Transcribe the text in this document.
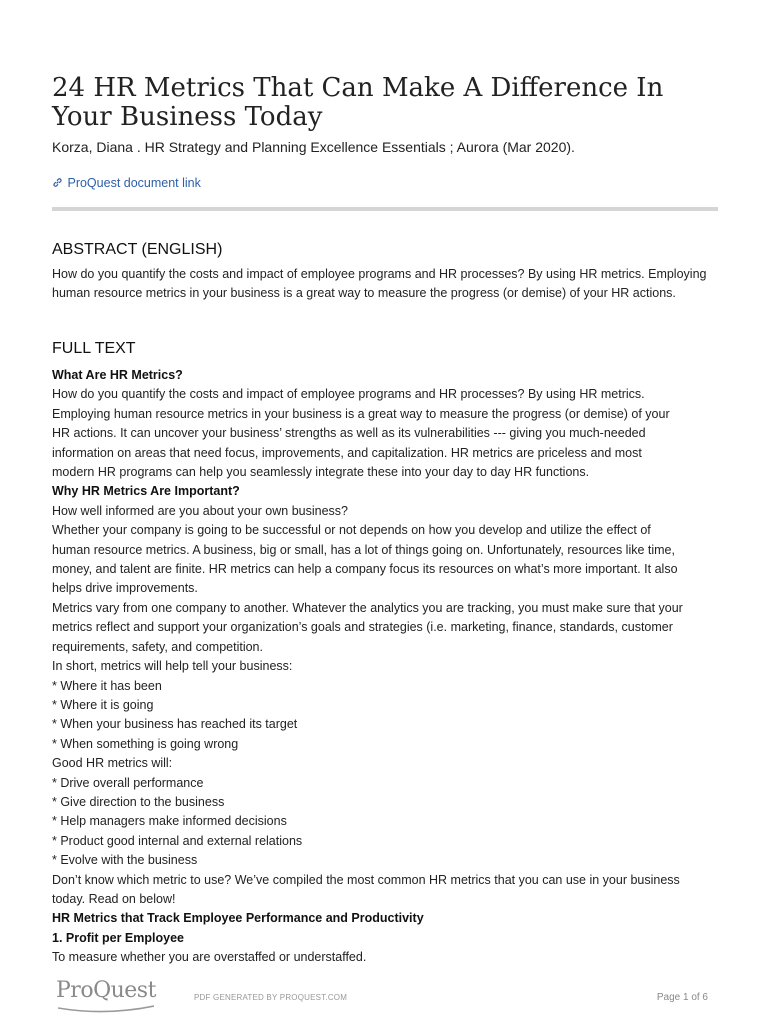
24 HR Metrics That Can Make A Difference In Your Business Today
Korza, Diana . HR Strategy and Planning Excellence Essentials ; Aurora (Mar 2020).
ProQuest document link
ABSTRACT (ENGLISH)
How do you quantify the costs and impact of employee programs and HR processes? By using HR metrics. Employing human resource metrics in your business is a great way to measure the progress (or demise) of your HR actions.
FULL TEXT
What Are HR Metrics?
How do you quantify the costs and impact of employee programs and HR processes? By using HR metrics.
Employing human resource metrics in your business is a great way to measure the progress (or demise) of your
HR actions. It can uncover your business’ strengths as well as its vulnerabilities --- giving you much-needed
information on areas that need focus, improvements, and capitalization. HR metrics are priceless and most
modern HR programs can help you seamlessly integrate these into your day to day HR functions.
Why HR Metrics Are Important?
How well informed are you about your own business?
Whether your company is going to be successful or not depends on how you develop and utilize the effect of
human resource metrics. A business, big or small, has a lot of things going on. Unfortunately, resources like time,
money, and talent are finite. HR metrics can help a company focus its resources on what’s more important. It also
helps drive improvements.
Metrics vary from one company to another. Whatever the analytics you are tracking, you must make sure that your
metrics reflect and support your organization’s goals and strategies (i.e. marketing, finance, standards, customer
requirements, safety, and competition.
In short, metrics will help tell your business:
* Where it has been
* Where it is going
* When your business has reached its target
* When something is going wrong
Good HR metrics will:
* Drive overall performance
* Give direction to the business
* Help managers make informed decisions
* Product good internal and external relations
* Evolve with the business
Don’t know which metric to use? We’ve compiled the most common HR metrics that you can use in your business
today. Read on below!
HR Metrics that Track Employee Performance and Productivity
1. Profit per Employee
To measure whether you are overstaffed or understaffed.
ProQuest	PDF GENERATED BY PROQUEST.COM	Page 1 of 6
